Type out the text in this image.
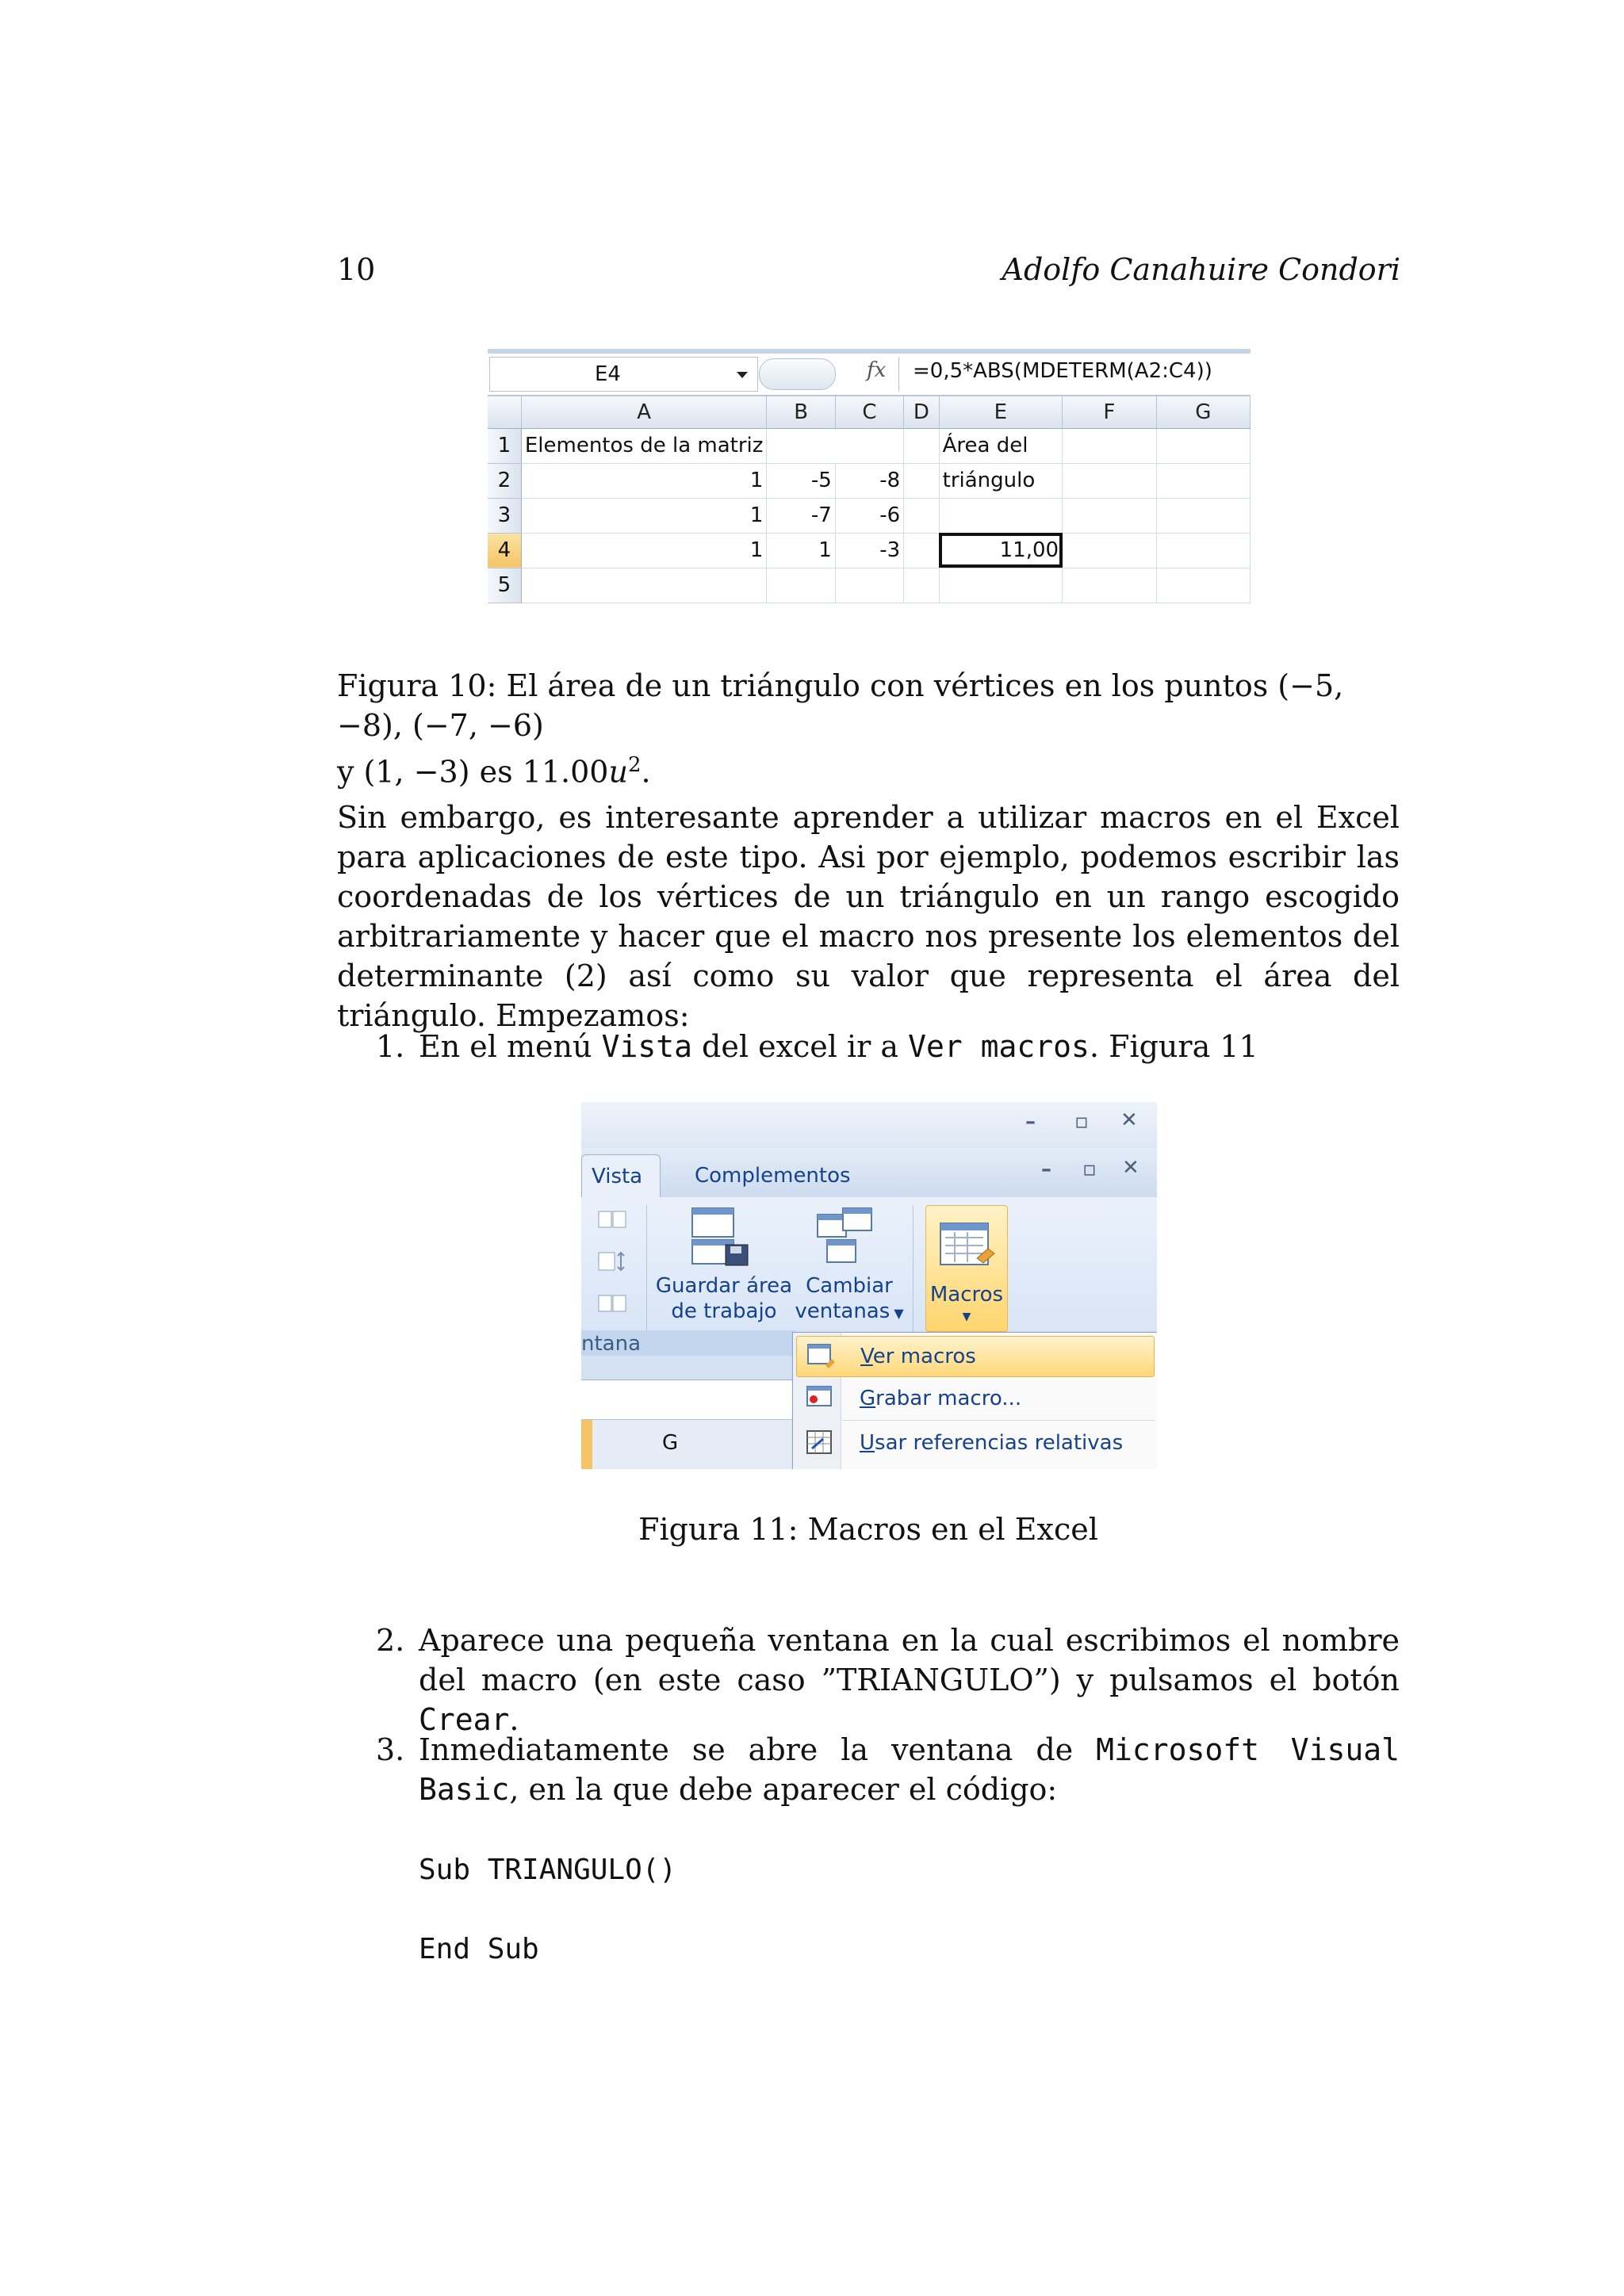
10	Adolfo Canahuire Condori
E4	fx =0,5*ABS(MDETERM(A2:C4))
	A	B	C	D	E	F	G
1	Elementos de la matriz				Área del		
2	1	-5	-8		triángulo		
3	1	-7	-6				
4	1	1	-3		11,00		
5							
Figura 10: El área de un triángulo con vértices en los puntos (−5, −8), (−7, −6)
y (1, −3) es $11.00u^2$.
Sin embargo, es interesante aprender a utilizar macros en el Excel para aplicaciones de este tipo. Asi por ejemplo, podemos escribir las coordenadas de los vértices de un triángulo en un rango escogido arbitrariamente y hacer que el macro nos presente los elementos del determinante (2) así como su valor que representa el área del triángulo. Empezamos:
1. En el menú Vista del excel ir a Ver macros. Figura 11
– ▫ ✕
– ▫ ✕
Vista	Complementos
Guardar área
de trabajo
Cambiar
ventanas ▼
Macros
▼
ntana
G
Ver macros
Grabar macro...
Usar referencias relativas
Figura 11: Macros en el Excel
2. Aparece una pequeña ventana en la cual escribimos el nombre del macro (en este caso ”TRIANGULO”) y pulsamos el botón Crear.
3. Inmediatamente se abre la ventana de Microsoft Visual Basic, en la que debe aparecer el código:
Sub TRIANGULO()
End Sub
